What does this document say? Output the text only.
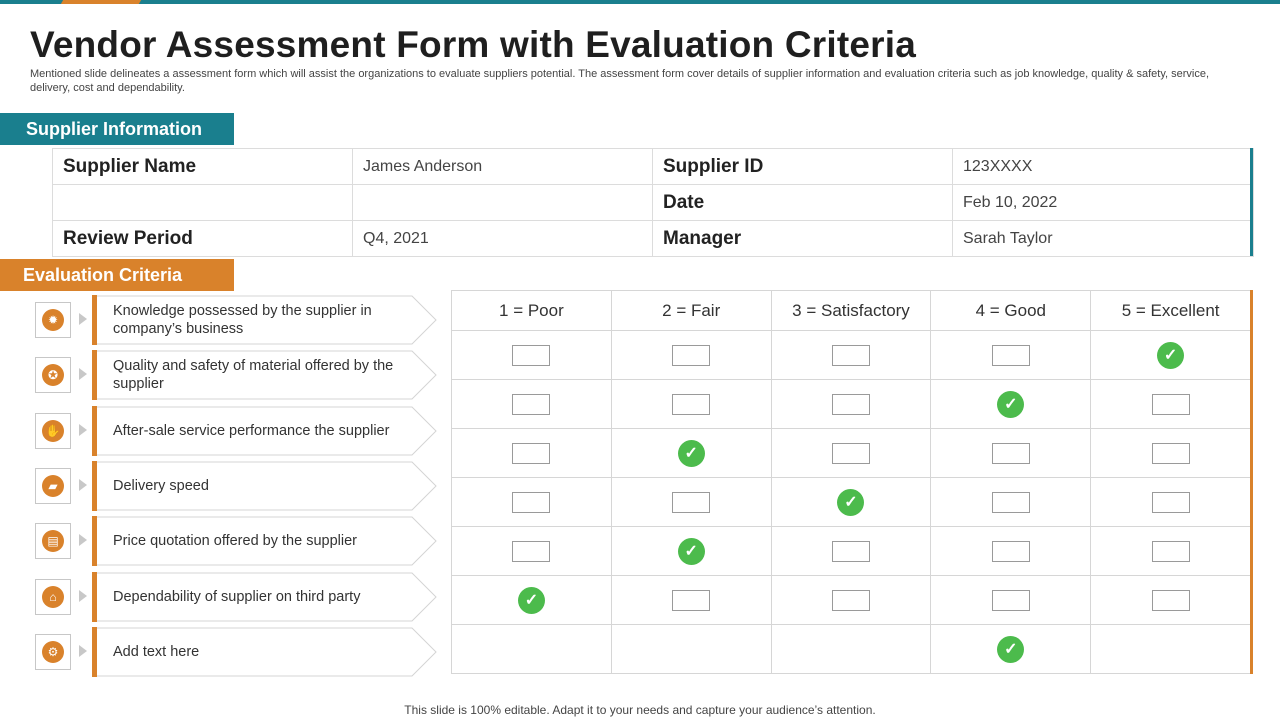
Vendor Assessment Form with Evaluation Criteria
Mentioned slide delineates a assessment form which will assist the organizations to evaluate suppliers potential. The assessment form cover details of supplier information and evaluation criteria such as job knowledge, quality & safety, service, delivery, cost and dependability.
Supplier Information
Supplier Name	James Anderson	Supplier ID	123XXXX
		Date	Feb 10, 2022
Review Period	Q4, 2021	Manager	Sarah Taylor
Evaluation Criteria
✹
Knowledge possessed by the supplier in company’s business
✪
Quality and safety of material offered by the supplier
✋	After-sale service performance the supplier
▰	Delivery speed
▤	Price quotation offered by the supplier
⌂	Dependability of supplier on third party
⚙	Add text here
1 = Poor	2 = Fair	3 = Satisfactory	4 = Good	5 = Excellent
				✓
			✓	
	✓			
		✓		
	✓			
✓				
			✓	
This slide is 100% editable. Adapt it to your needs and capture your audience’s attention.
